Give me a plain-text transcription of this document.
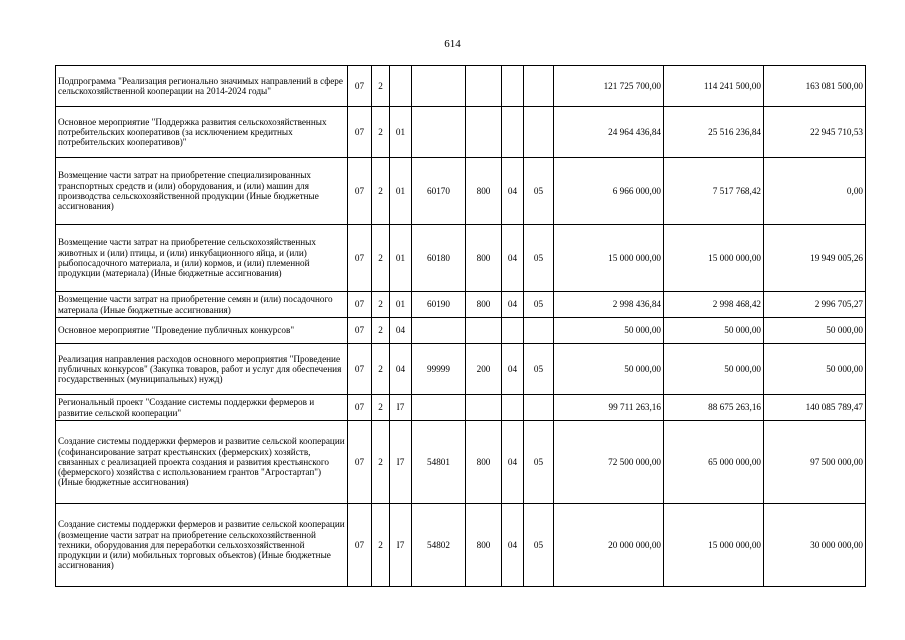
614
Подпрограмма "Реализация регионально значимых направлений в сфере сельскохозяйственной кооперации на 2014-2024 годы"	07	2						121 725 700,00	114 241 500,00	163 081 500,00
Основное мероприятие "Поддержка развития сельскохозяйственных потребительских кооперативов (за исключением кредитных потребительских кооперативов)"	07	2	01					24 964 436,84	25 516 236,84	22 945 710,53
Возмещение части затрат на приобретение специализированных транспортных средств и (или) оборудования, и (или) машин для производства сельскохозяйственной продукции (Иные бюджетные ассигнования)	07	2	01	60170	800	04	05	6 966 000,00	7 517 768,42	0,00
Возмещение части затрат на приобретение сельскохозяйственных животных и (или) птицы, и (или) инкубационного яйца, и (или) рыбопосадочного материала, и (или) кормов, и (или) племенной продукции (материала) (Иные бюджетные ассигнования)	07	2	01	60180	800	04	05	15 000 000,00	15 000 000,00	19 949 005,26
Возмещение части затрат на приобретение семян и (или) посадочного материала (Иные бюджетные ассигнования)	07	2	01	60190	800	04	05	2 998 436,84	2 998 468,42	2 996 705,27
Основное мероприятие "Проведение публичных конкурсов"	07	2	04					50 000,00	50 000,00	50 000,00
Реализация направления расходов основного мероприятия "Проведение публичных конкурсов" (Закупка товаров, работ и услуг для обеспечения государственных (муниципальных) нужд)	07	2	04	99999	200	04	05	50 000,00	50 000,00	50 000,00
Региональный проект "Создание системы поддержки фермеров и развитие сельской кооперации"	07	2	I7					99 711 263,16	88 675 263,16	140 085 789,47
Создание системы поддержки фермеров и развитие сельской кооперации (софинансирование затрат крестьянских (фермерских) хозяйств, связанных с реализацией проекта создания и развития крестьянского (фермерского) хозяйства с использованием грантов "Агростартап") (Иные бюджетные ассигнования)	07	2	I7	54801	800	04	05	72 500 000,00	65 000 000,00	97 500 000,00
Создание системы поддержки фермеров и развитие сельской кооперации (возмещение части затрат на приобретение сельскохозяйственной техники, оборудования для переработки сельхозхозяйственной продукции и (или) мобильных торговых объектов) (Иные бюджетные ассигнования)	07	2	I7	54802	800	04	05	20 000 000,00	15 000 000,00	30 000 000,00
